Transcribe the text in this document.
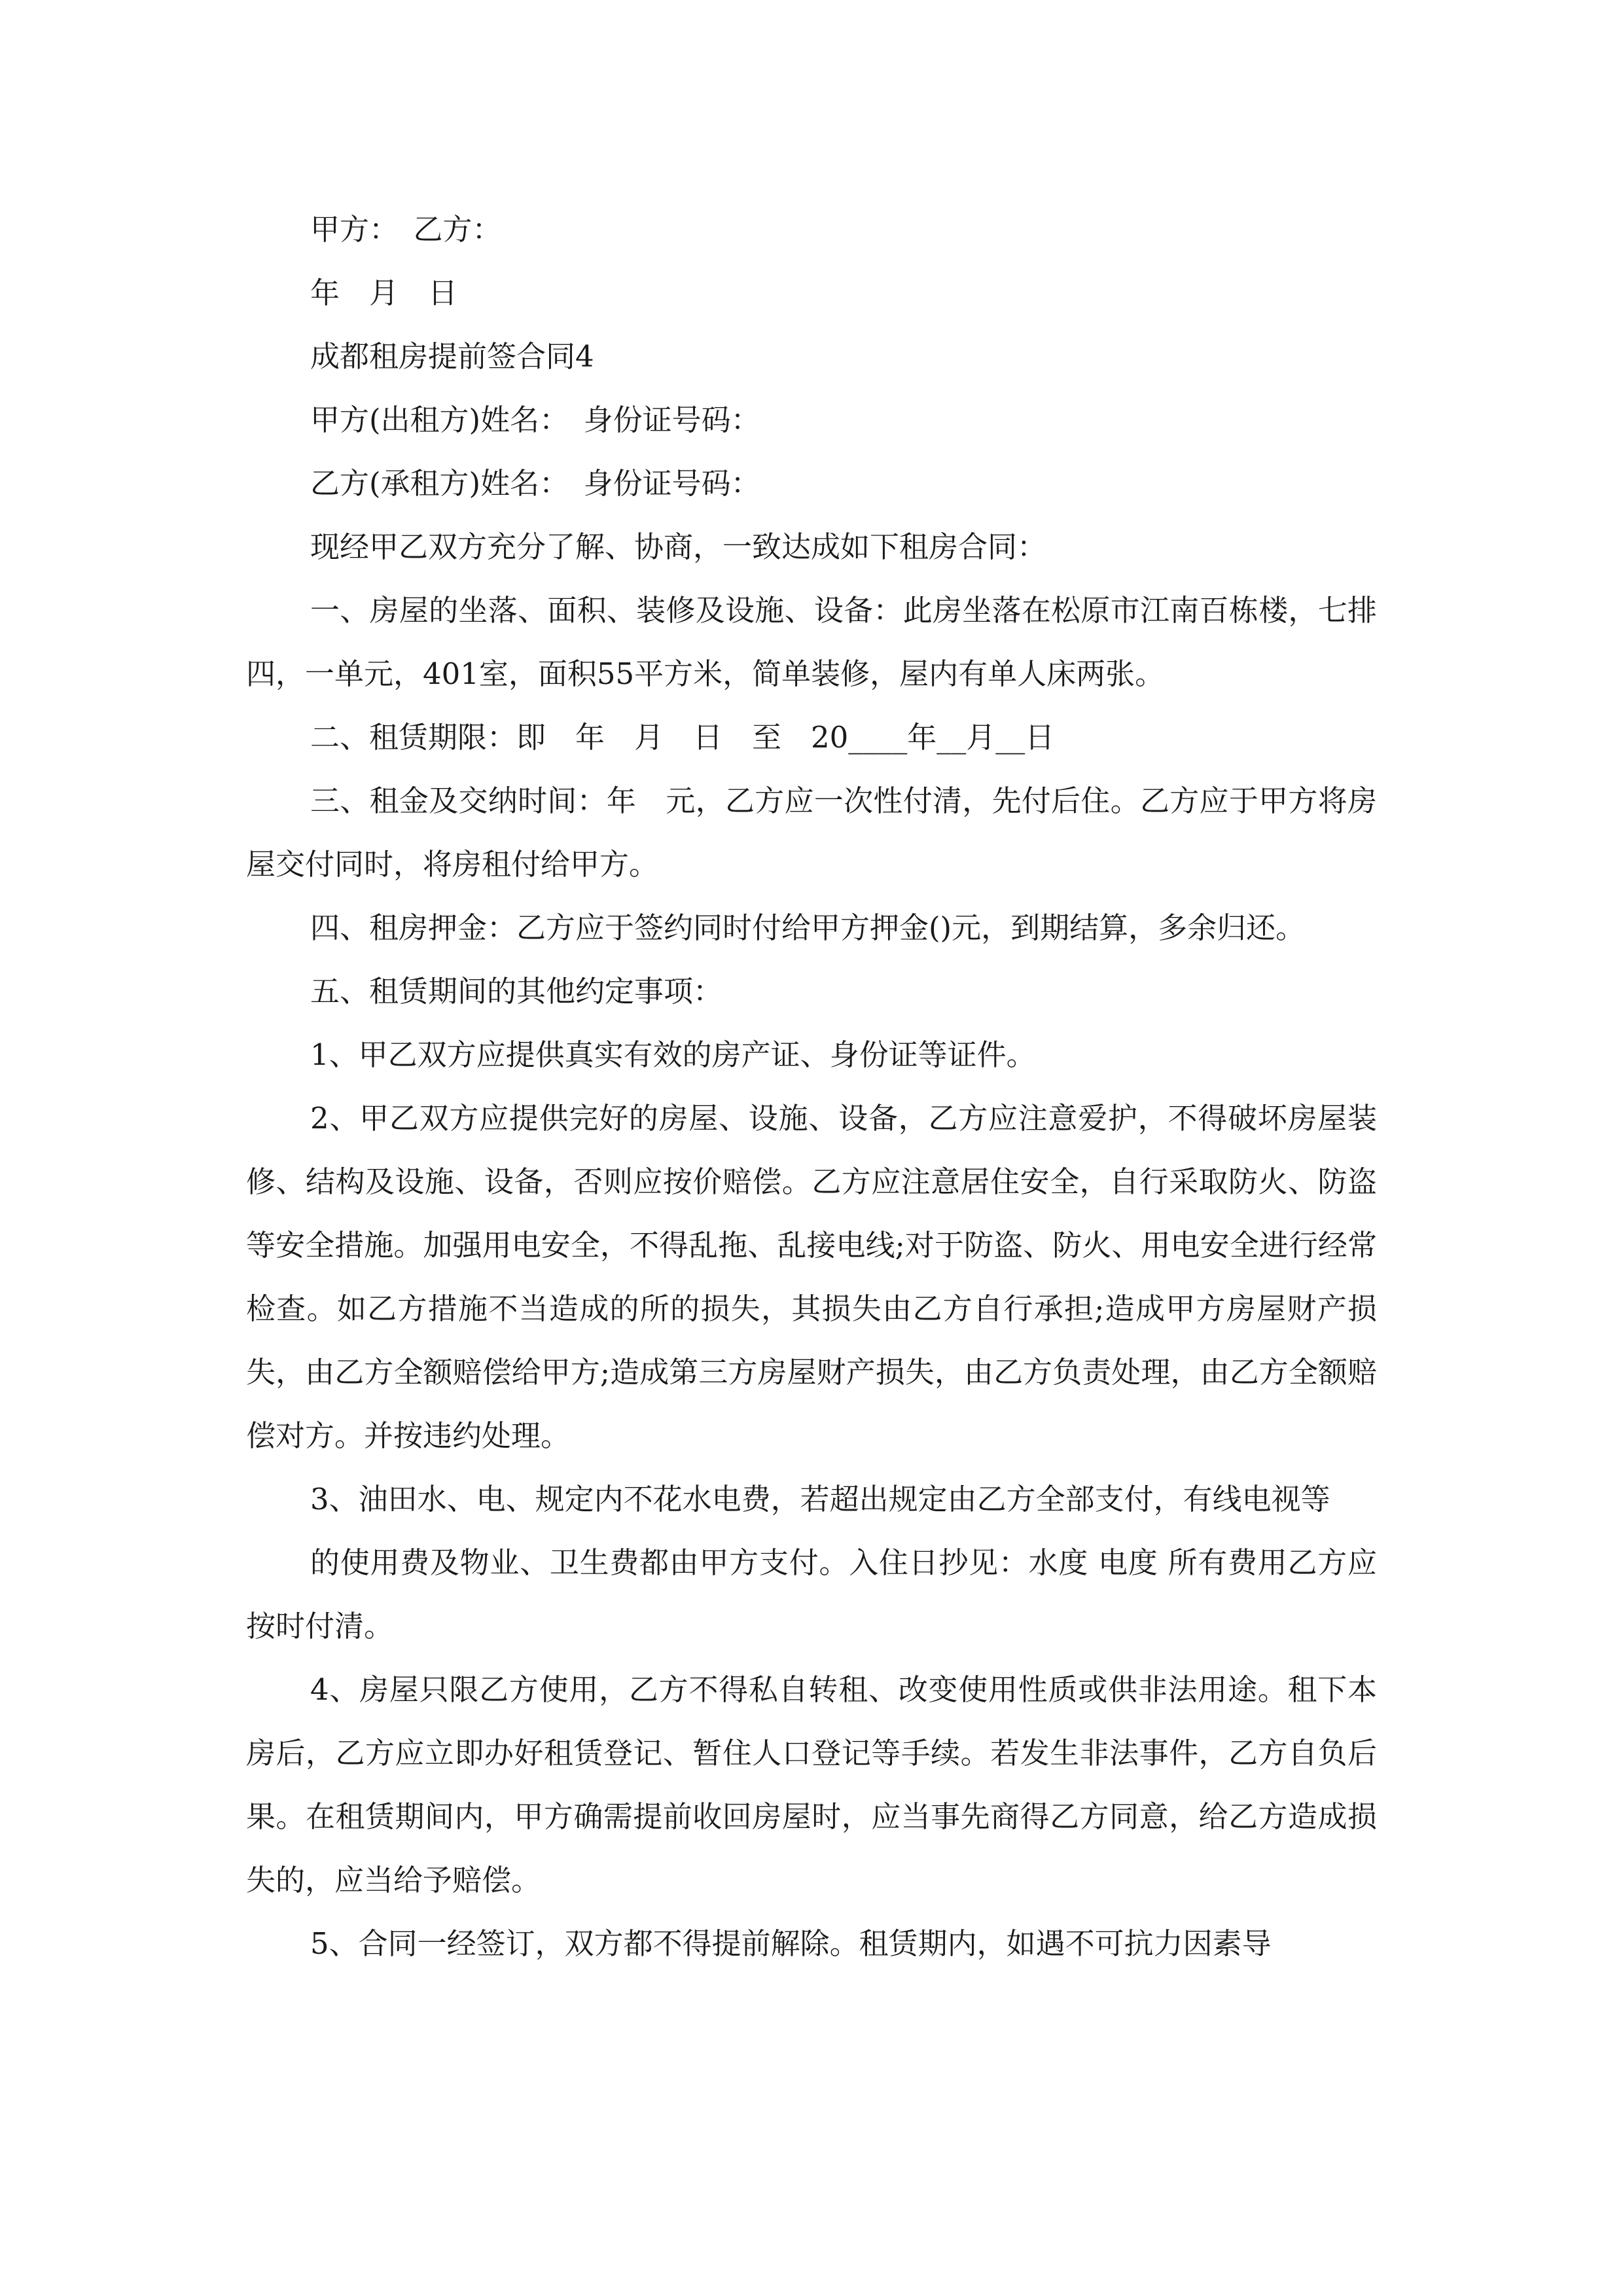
甲方：　乙方：

年　月　日

成都租房提前签合同4

甲方(出租方)姓名：　身份证号码：

乙方(承租方)姓名：　身份证号码：

现经甲乙双方充分了解、协商，一致达成如下租房合同：

一、房屋的坐落、面积、装修及设施、设备：此房坐落在松原市江南百栋楼，七排四，一单元，401室，面积55平方米，简单装修，屋内有单人床两张。

二、租赁期限：即　年　月　日　至　20____年__月__日

三、租金及交纳时间：年　元，乙方应一次性付清，先付后住。乙方应于甲方将房屋交付同时，将房租付给甲方。

四、租房押金：乙方应于签约同时付给甲方押金()元，到期结算，多余归还。

五、租赁期间的其他约定事项：

1、甲乙双方应提供真实有效的房产证、身份证等证件。

2、甲乙双方应提供完好的房屋、设施、设备，乙方应注意爱护，不得破坏房屋装修、结构及设施、设备，否则应按价赔偿。乙方应注意居住安全，自行采取防火、防盗等安全措施。加强用电安全，不得乱拖、乱接电线;对于防盗、防火、用电安全进行经常检查。如乙方措施不当造成的所的损失，其损失由乙方自行承担;造成甲方房屋财产损失，由乙方全额赔偿给甲方;造成第三方房屋财产损失，由乙方负责处理，由乙方全额赔偿对方。并按违约处理。

3、油田水、电、规定内不花水电费，若超出规定由乙方全部支付，有线电视等

的使用费及物业、卫生费都由甲方支付。入住日抄见：水度 电度 所有费用乙方应按时付清。

4、房屋只限乙方使用，乙方不得私自转租、改变使用性质或供非法用途。租下本房后，乙方应立即办好租赁登记、暂住人口登记等手续。若发生非法事件，乙方自负后果。在租赁期间内，甲方确需提前收回房屋时，应当事先商得乙方同意，给乙方造成损失的，应当给予赔偿。

5、合同一经签订，双方都不得提前解除。租赁期内，如遇不可抗力因素导
